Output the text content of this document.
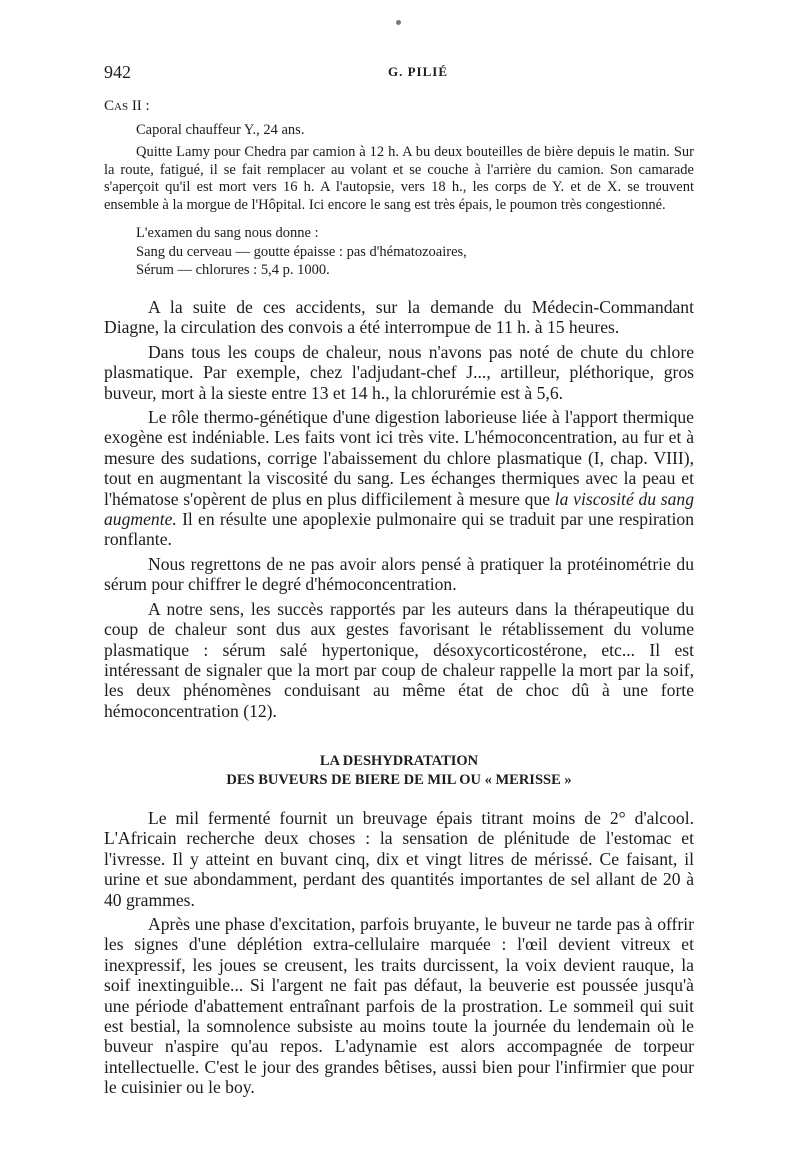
942	G. PILIÉ
Cas II :

Caporal chauffeur Y., 24 ans.

Quitte Lamy pour Chedra par camion à 12 h. A bu deux bouteilles de bière depuis le matin. Sur la route, fatigué, il se fait remplacer au volant et se couche à l'arrière du camion. Son camarade s'aperçoit qu'il est mort vers 16 h. A l'autopsie, vers 18 h., les corps de Y. et de X. se trouvent ensemble à la morgue de l'Hôpital. Ici encore le sang est très épais, le poumon très congestionné.

L'examen du sang nous donne :

Sang du cerveau — goutte épaisse : pas d'hématozoaires,

Sérum — chlorures : 5,4 p. 1000.

A la suite de ces accidents, sur la demande du Médecin-Commandant Diagne, la circulation des convois a été interrompue de 11 h. à 15 heures.

Dans tous les coups de chaleur, nous n'avons pas noté de chute du chlore plasmatique. Par exemple, chez l'adjudant-chef J..., artilleur, pléthorique, gros buveur, mort à la sieste entre 13 et 14 h., la chlorurémie est à 5,6.

Le rôle thermo-génétique d'une digestion laborieuse liée à l'apport thermique exogène est indéniable. Les faits vont ici très vite. L'hémoconcentration, au fur et à mesure des sudations, corrige l'abaissement du chlore plasmatique (I, chap. VIII), tout en augmentant la viscosité du sang. Les échanges thermiques avec la peau et l'hématose s'opèrent de plus en plus difficilement à mesure que la viscosité du sang augmente. Il en résulte une apoplexie pulmonaire qui se traduit par une respiration ronflante.

Nous regrettons de ne pas avoir alors pensé à pratiquer la protéinométrie du sérum pour chiffrer le degré d'hémoconcentration.

A notre sens, les succès rapportés par les auteurs dans la thérapeutique du coup de chaleur sont dus aux gestes favorisant le rétablissement du volume plasmatique : sérum salé hypertonique, désoxycorticostérone, etc... Il est intéressant de signaler que la mort par coup de chaleur rappelle la mort par la soif, les deux phénomènes conduisant au même état de choc dû à une forte hémoconcentration (12).

LA DESHYDRATATION
DES BUVEURS DE BIERE DE MIL OU « MERISSE »

Le mil fermenté fournit un breuvage épais titrant moins de 2° d'alcool. L'Africain recherche deux choses : la sensation de plénitude de l'estomac et l'ivresse. Il y atteint en buvant cinq, dix et vingt litres de mérissé. Ce faisant, il urine et sue abondamment, perdant des quantités importantes de sel allant de 20 à 40 grammes.

Après une phase d'excitation, parfois bruyante, le buveur ne tarde pas à offrir les signes d'une déplétion extra-cellulaire marquée : l'œil devient vitreux et inexpressif, les joues se creusent, les traits durcissent, la voix devient rauque, la soif inextinguible... Si l'argent ne fait pas défaut, la beuverie est poussée jusqu'à une période d'abattement entraînant parfois de la prostration. Le sommeil qui suit est bestial, la somnolence subsiste au moins toute la journée du lendemain où le buveur n'aspire qu'au repos. L'adynamie est alors accompagnée de torpeur intellectuelle. C'est le jour des grandes bêtises, aussi bien pour l'infirmier que pour le cuisinier ou le boy.
